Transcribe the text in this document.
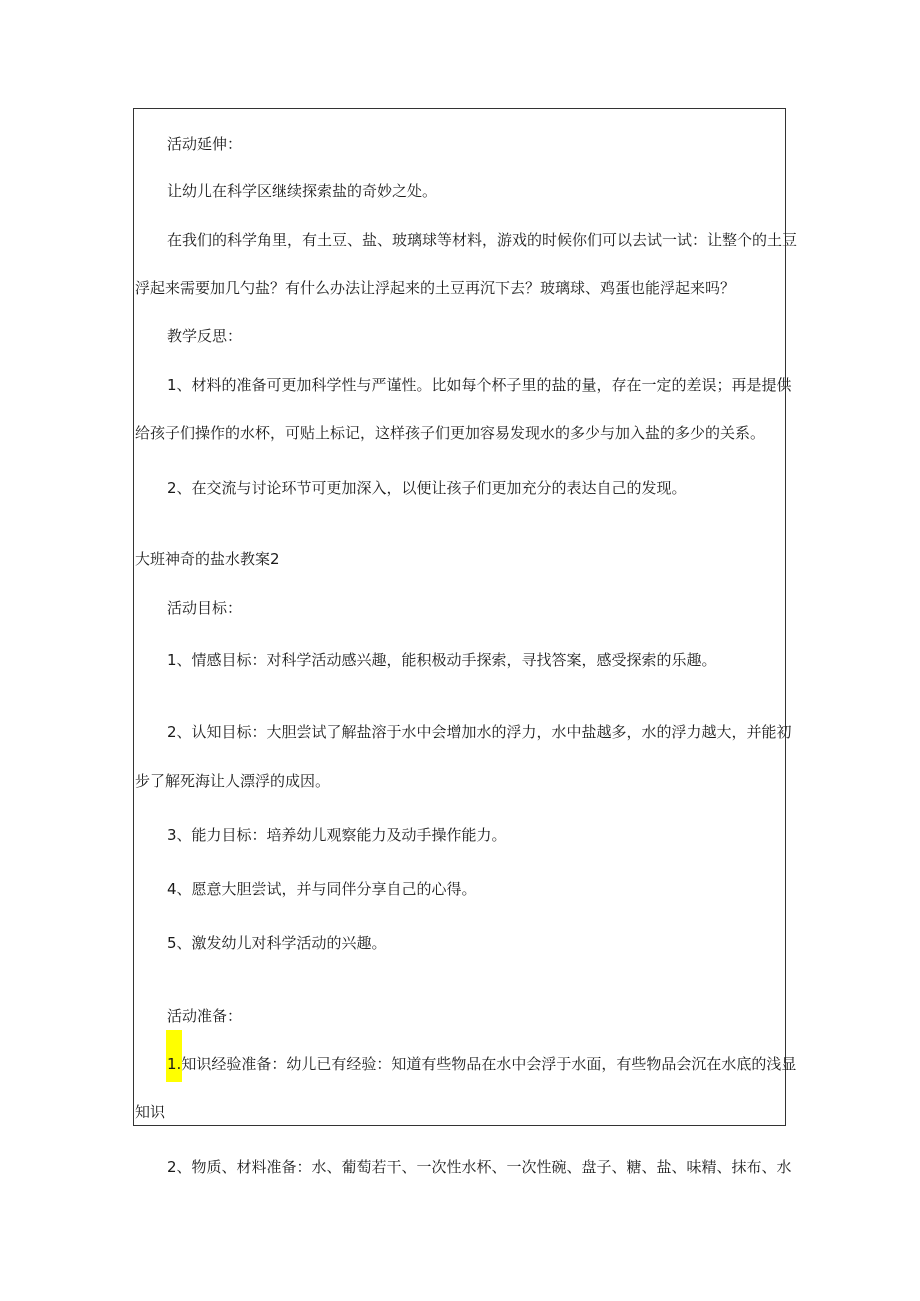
活动延伸：
让幼儿在科学区继续探索盐的奇妙之处。
在我们的科学角里，有土豆、盐、玻璃球等材料，游戏的时候你们可以去试一试：让整个的土豆
浮起来需要加几勺盐？有什么办法让浮起来的土豆再沉下去？玻璃球、鸡蛋也能浮起来吗？
教学反思：
1、材料的准备可更加科学性与严谨性。比如每个杯子里的盐的量，存在一定的差误；再是提供
给孩子们操作的水杯，可贴上标记，这样孩子们更加容易发现水的多少与加入盐的多少的关系。
2、在交流与讨论环节可更加深入，以便让孩子们更加充分的表达自己的发现。
大班神奇的盐水教案2
活动目标：
1、情感目标：对科学活动感兴趣，能积极动手探索，寻找答案，感受探索的乐趣。
2、认知目标：大胆尝试了解盐溶于水中会增加水的浮力，水中盐越多，水的浮力越大，并能初
步了解死海让人漂浮的成因。
3、能力目标：培养幼儿观察能力及动手操作能力。
4、愿意大胆尝试，并与同伴分享自己的心得。
5、激发幼儿对科学活动的兴趣。
活动准备：
1.知识经验准备：幼儿已有经验：知道有些物品在水中会浮于水面，有些物品会沉在水底的浅显
知识
2、物质、材料准备：水、葡萄若干、一次性水杯、一次性碗、盘子、糖、盐、味精、抹布、水
